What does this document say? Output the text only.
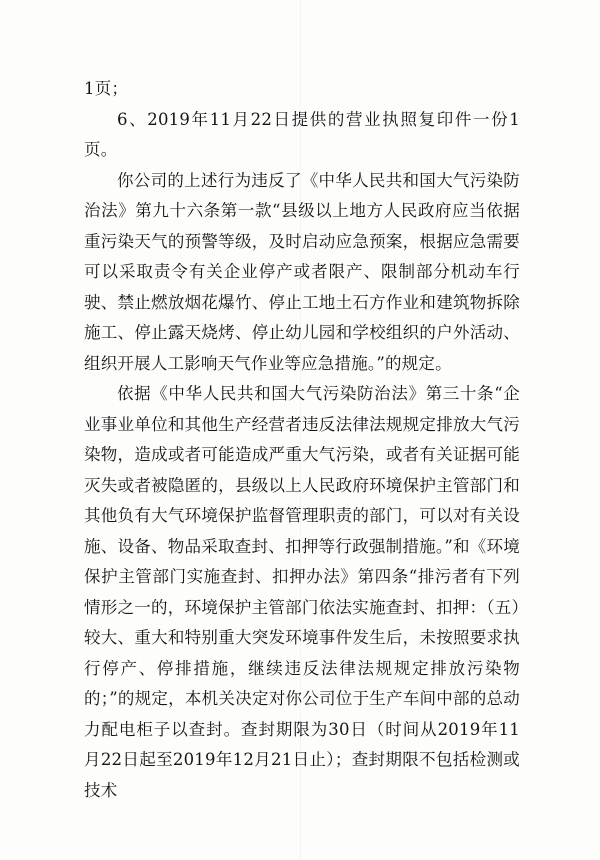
1页；

6、2019年11月22日提供的营业执照复印件一份1页。

你公司的上述行为违反了《中华人民共和国大气污染防治法》第九十六条第一款“县级以上地方人民政府应当依据重污染天气的预警等级，及时启动应急预案，根据应急需要可以采取责令有关企业停产或者限产、限制部分机动车行驶、禁止燃放烟花爆竹、停止工地土石方作业和建筑物拆除施工、停止露天烧烤、停止幼儿园和学校组织的户外活动、组织开展人工影响天气作业等应急措施。”的规定。

依据《中华人民共和国大气污染防治法》第三十条“企业事业单位和其他生产经营者违反法律法规规定排放大气污染物，造成或者可能造成严重大气污染，或者有关证据可能灭失或者被隐匿的，县级以上人民政府环境保护主管部门和其他负有大气环境保护监督管理职责的部门，可以对有关设施、设备、物品采取查封、扣押等行政强制措施。”和《环境保护主管部门实施查封、扣押办法》第四条“排污者有下列情形之一的，环境保护主管部门依法实施查封、扣押：（五）较大、重大和特别重大突发环境事件发生后，未按照要求执行停产、停排措施，继续违反法律法规规定排放污染物的；”的规定，本机关决定对你公司位于生产车间中部的总动力配电柜子以查封。查封期限为30日（时间从2019年11月22日起至2019年12月21日止）；查封期限不包括检测或技术
